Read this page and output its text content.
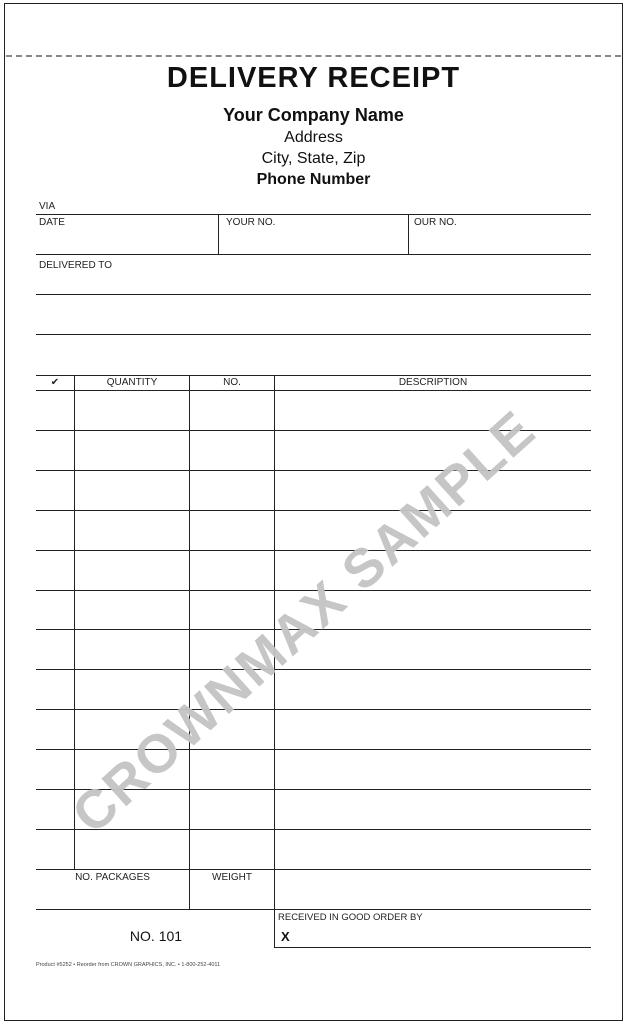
DELIVERY RECEIPT
Your Company Name
Address
City, State, Zip
Phone Number
VIA
DATE	YOUR NO.	OUR NO.
DELIVERED TO
✔	QUANTITY	NO.	DESCRIPTION
NO. PACKAGES	WEIGHT
RECEIVED IN GOOD ORDER BY
NO. 101	X
Product #5252 • Reorder from CROWN GRAPHICS, INC. • 1-800-252-4011
CROWNMAX SAMPLE
